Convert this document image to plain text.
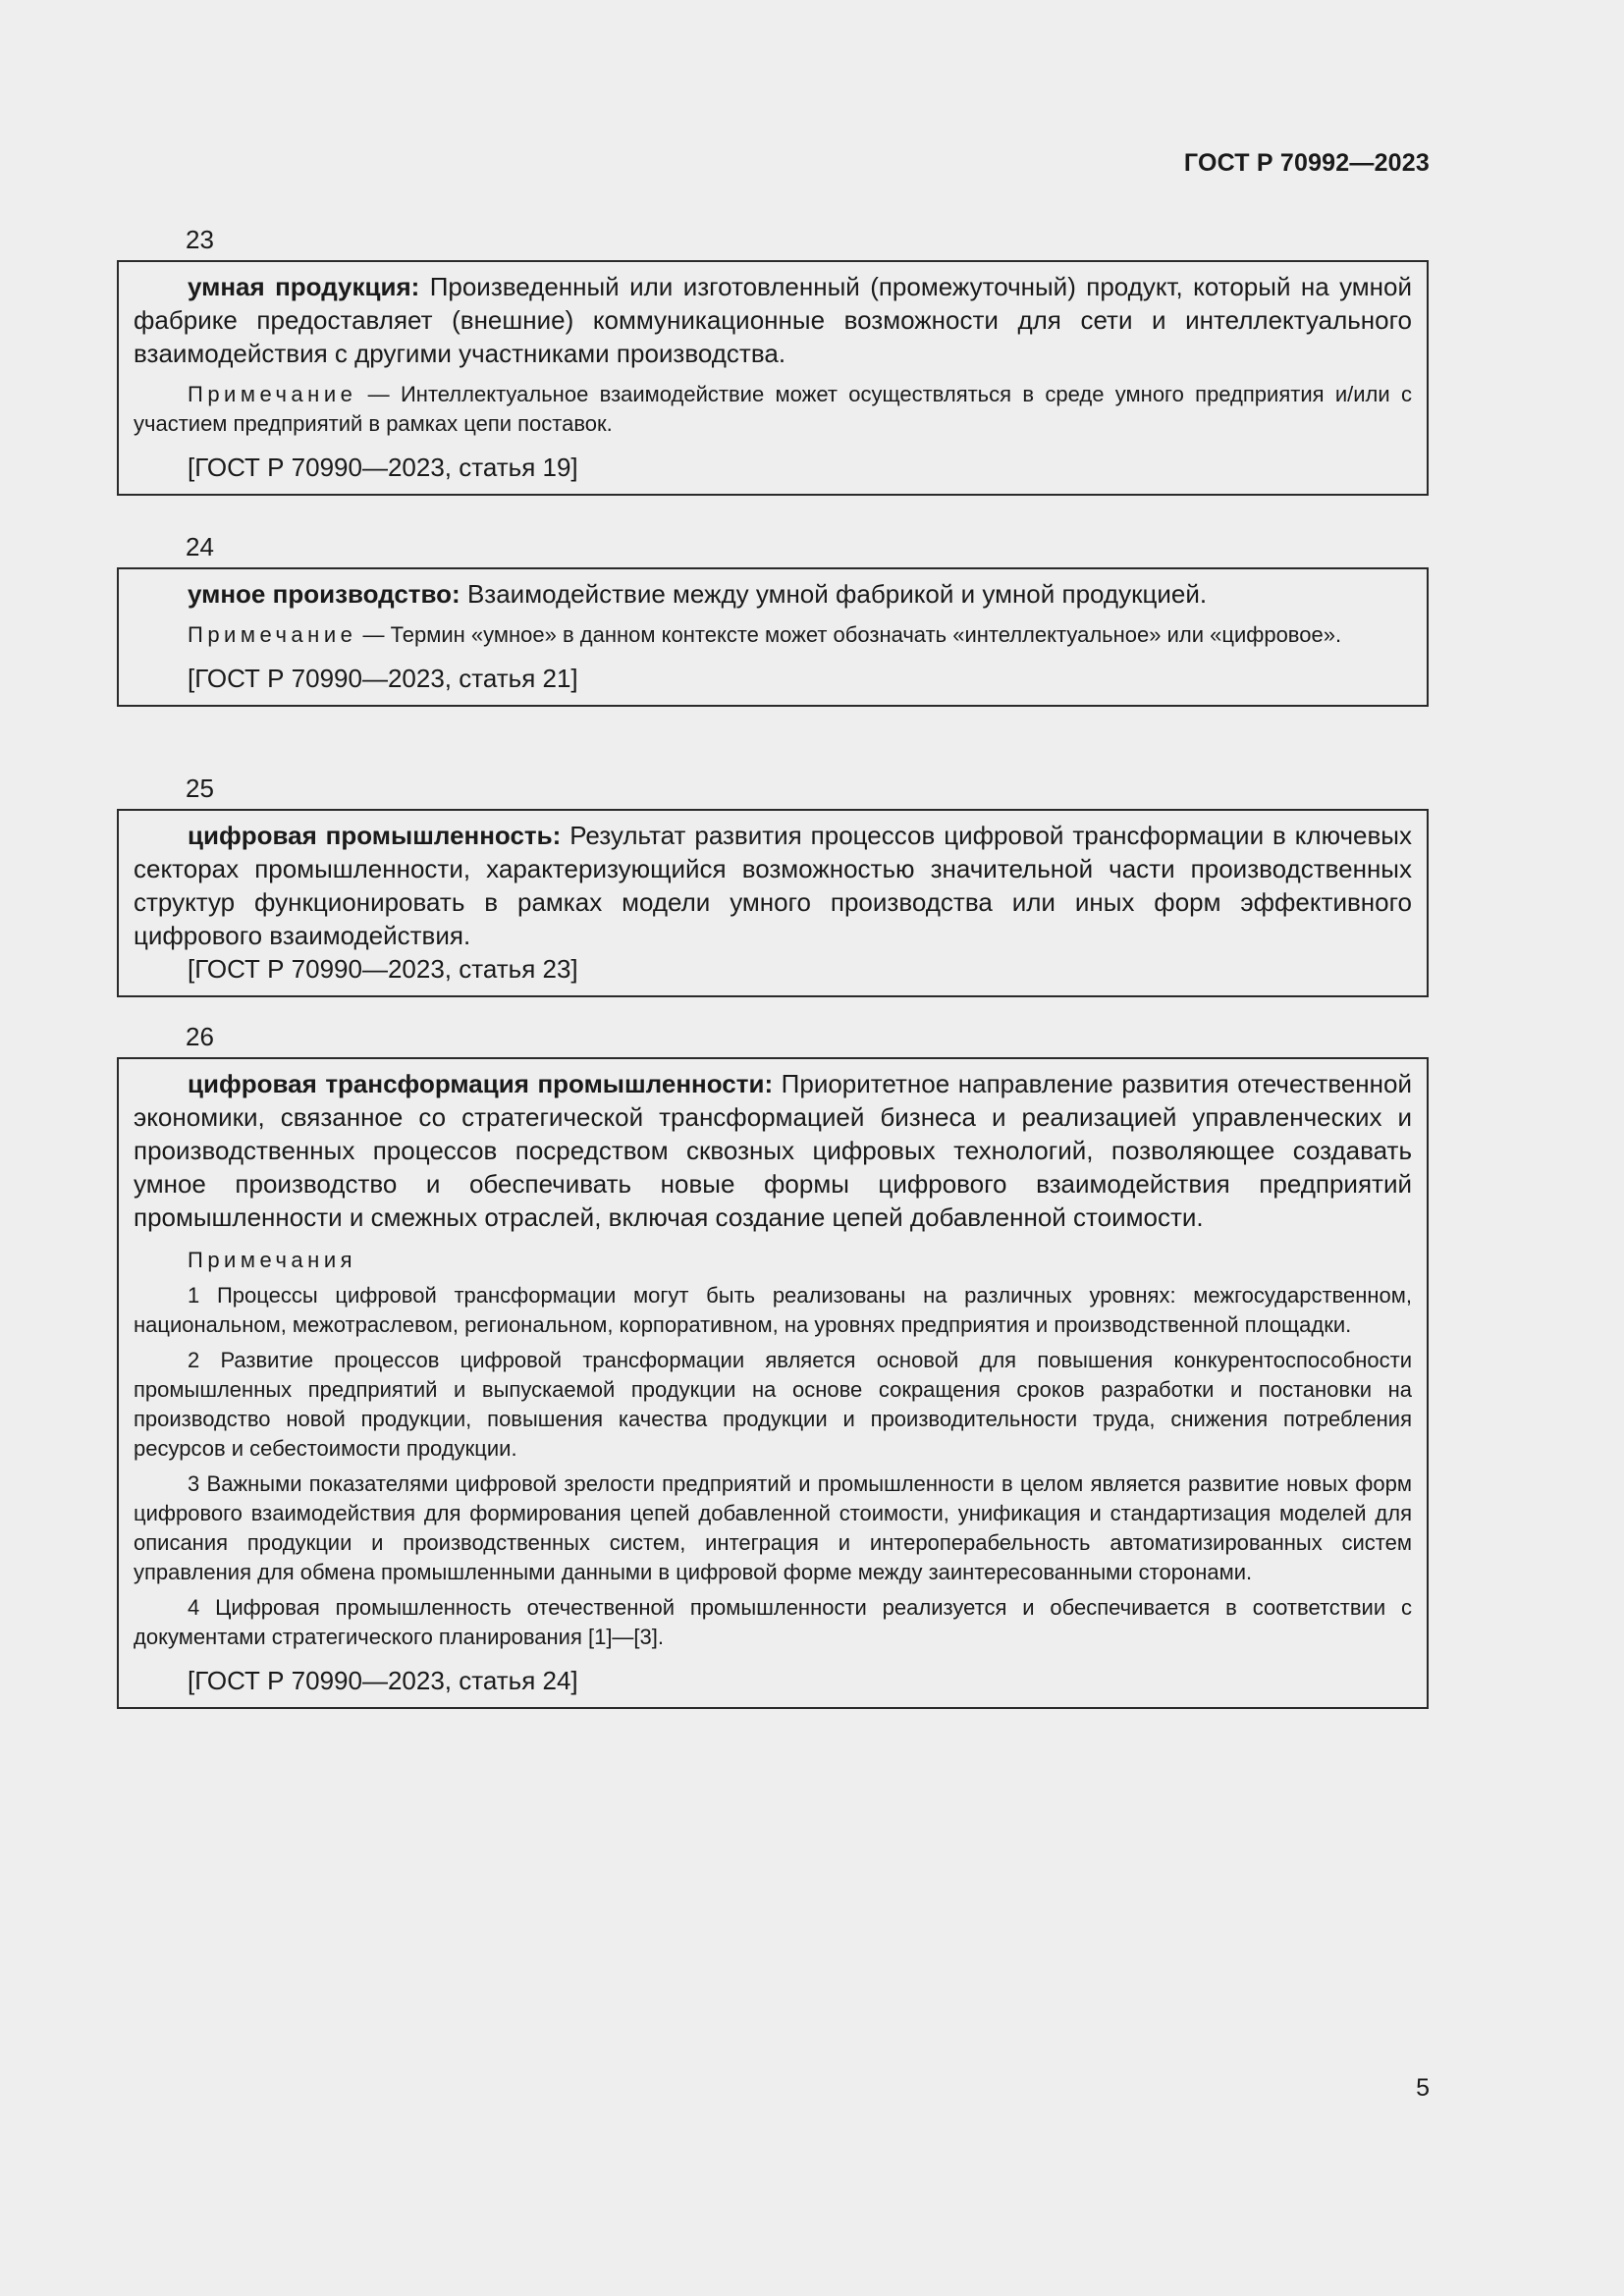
ГОСТ Р 70992—2023
23

умная продукция: Произведенный или изготовленный (промежуточный) продукт, который на умной фабрике предоставляет (внешние) коммуникационные возможности для сети и интеллектуального взаимодействия с другими участниками производства.

Примечание — Интеллектуальное взаимодействие может осуществляться в среде умного предприятия и/или с участием предприятий в рамках цепи поставок.

[ГОСТ Р 70990—2023, статья 19]

24

умное производство: Взаимодействие между умной фабрикой и умной продукцией.

Примечание — Термин «умное» в данном контексте может обозначать «интеллектуальное» или «цифровое».

[ГОСТ Р 70990—2023, статья 21]

25

цифровая промышленность: Результат развития процессов цифровой трансформации в ключевых секторах промышленности, характеризующийся возможностью значительной части производственных структур функционировать в рамках модели умного производства или иных форм эффективного цифрового взаимодействия.

[ГОСТ Р 70990—2023, статья 23]

26

цифровая трансформация промышленности: Приоритетное направление развития отечественной экономики, связанное со стратегической трансформацией бизнеса и реализацией управленческих и производственных процессов посредством сквозных цифровых технологий, позволяющее создавать умное производство и обеспечивать новые формы цифрового взаимодействия предприятий промышленности и смежных отраслей, включая создание цепей добавленной стоимости.

Примечания

1 Процессы цифровой трансформации могут быть реализованы на различных уровнях: межгосударственном, национальном, межотраслевом, региональном, корпоративном, на уровнях предприятия и производственной площадки.

2 Развитие процессов цифровой трансформации является основой для повышения конкурентоспособности промышленных предприятий и выпускаемой продукции на основе сокращения сроков разработки и постановки на производство новой продукции, повышения качества продукции и производительности труда, снижения потребления ресурсов и себестоимости продукции.

3 Важными показателями цифровой зрелости предприятий и промышленности в целом является развитие новых форм цифрового взаимодействия для формирования цепей добавленной стоимости, унификация и стандартизация моделей для описания продукции и производственных систем, интеграция и интероперабельность автоматизированных систем управления для обмена промышленными данными в цифровой форме между заинтересованными сторонами.

4 Цифровая промышленность отечественной промышленности реализуется и обеспечивается в соответствии с документами стратегического планирования [1]—[3].

[ГОСТ Р 70990—2023, статья 24]

5
